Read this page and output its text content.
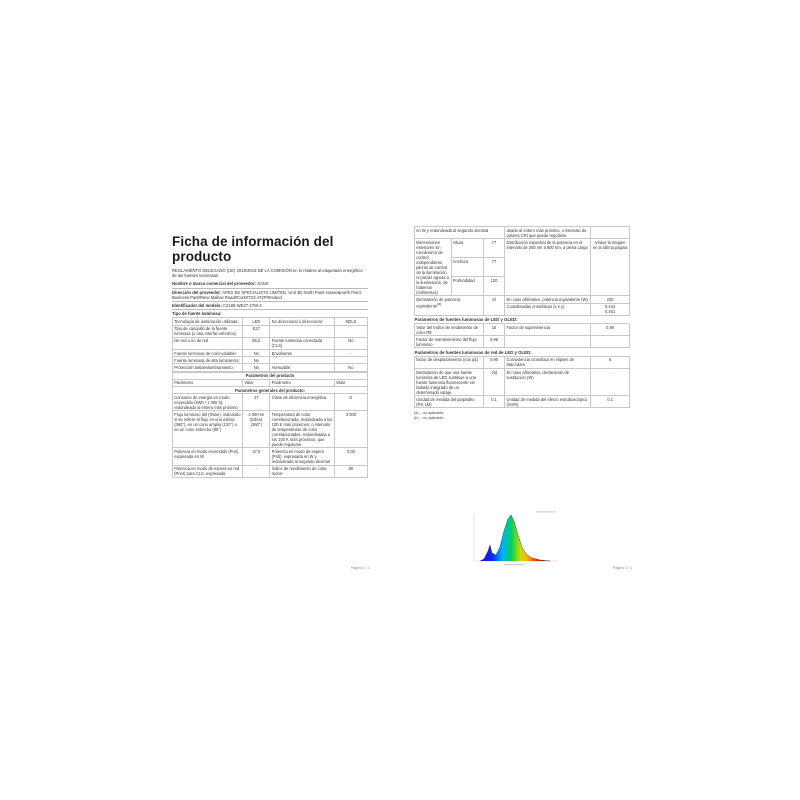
Ficha de información del producto
REGLAMENTO DELEGADO (UE) 2019/2015 DE LA COMISIÓN en lo relativo al etiquetado energético de las fuentes luminosas
Nombre o marca comercial del proveedor: SANS
Dirección del proveedor: APEX EE SPECIALISTS LIMITED, Unit 3D North Point House&north Point Business Park#New Mallow Road#Cork#T23 AT2P#Ireland
Identificador del modelo: C2188-WE27-27W-1
Tipo de fuente luminosa:
Tecnología de iluminación utilizada:	LED	No direccional o direccional:	NDLS
Tipo de casquillo de la fuente luminosa (u otra interfaz eléctrica)	E27		
De red o no de red	MLS	Fuente luminosa conectada (CLS)	No
Fuente luminosa de color variable:	No	Envolvente	-
Fuente luminosa de alta luminancia:	No		
Protección antideslumbramiento:	No	Atenuable:	No
Parámetros del producto			
Parámetro	Valor	Parámetro	Valor
Parámetros generales del producto:			
Consumo de energía en modo encendido (kWh / 1 000 h), redondeado al entero más próximo	27	Clase de eficiencia energética	D
Flujo luminoso útil (Φuse), indicando si se refiere al flujo en una esfera (360°), en un cono amplio (120°) o en un cono estrecho (90°)	4 000 en Esfera (360°)	Temperatura de color correlacionada, redondeada a los 100 K más próximos, o intervalo de temperaturas de color correlacionadas, redondeadas a los 100 K más próximos, que puede regularse	3 000
Potencia en modo encendido (Pon), expresada en W	27,0	Potencia en modo de espera (Psb), expresada en W y redondeada al segundo decimal	0,00
Potencia en modo de espera en red (Pnet) para CLS, expresada	-	Índice de rendimiento de color, redon-	80
Página 1 / 1
en W y redondeada al segundo decimal			deado al entero más próximo, o intervalo de valores CRI que puede regularse	
Dimensiones exteriores sin mecanismo de control independiente, piezas de control de la iluminación ni piezas ajenas a la iluminación, de haberlos (milímetros)	Altura	77	Distribución espectral de la potencia en el intervalo de 250 nm a 800 nm, a plena carga	Véase la imagen en la última página
	Anchura	77		
	Profundidad	120		
Declaración de potencia equivalente$^{(a)}$		Sí	En caso afirmativo, potencia equivalente (W)	230
			Coordenadas cromáticas (x e y)	0,444
0,401

Parámetros de fuentes luminosas de LED y OLED:				
Valor del índice de rendimiento de color R9		16	Factor de supervivencia	0,90
Factor de mantenimiento del flujo luminoso		0,96		
Parámetros de fuentes luminosas de red de LED y OLED:				
factor de desplazamiento (cos φ1)		0,90	Consistencia cromática en elipses de MacAdam	6
Declaración de que una fuente luminosa de LED sustituye a una fuente luminosa fluorescente sin balasto integrado de un determinado vataje.		-(b)	En caso afirmativo, declaración de sustitución (W)	-
Unidad de medida del parpadeo (Pst LM)		0,1	Unidad de medida del efecto estroboscópico (SVM)	0,1
(a) -: no aplicable;
(b) -: no aplicable;
Página 1 / 1
